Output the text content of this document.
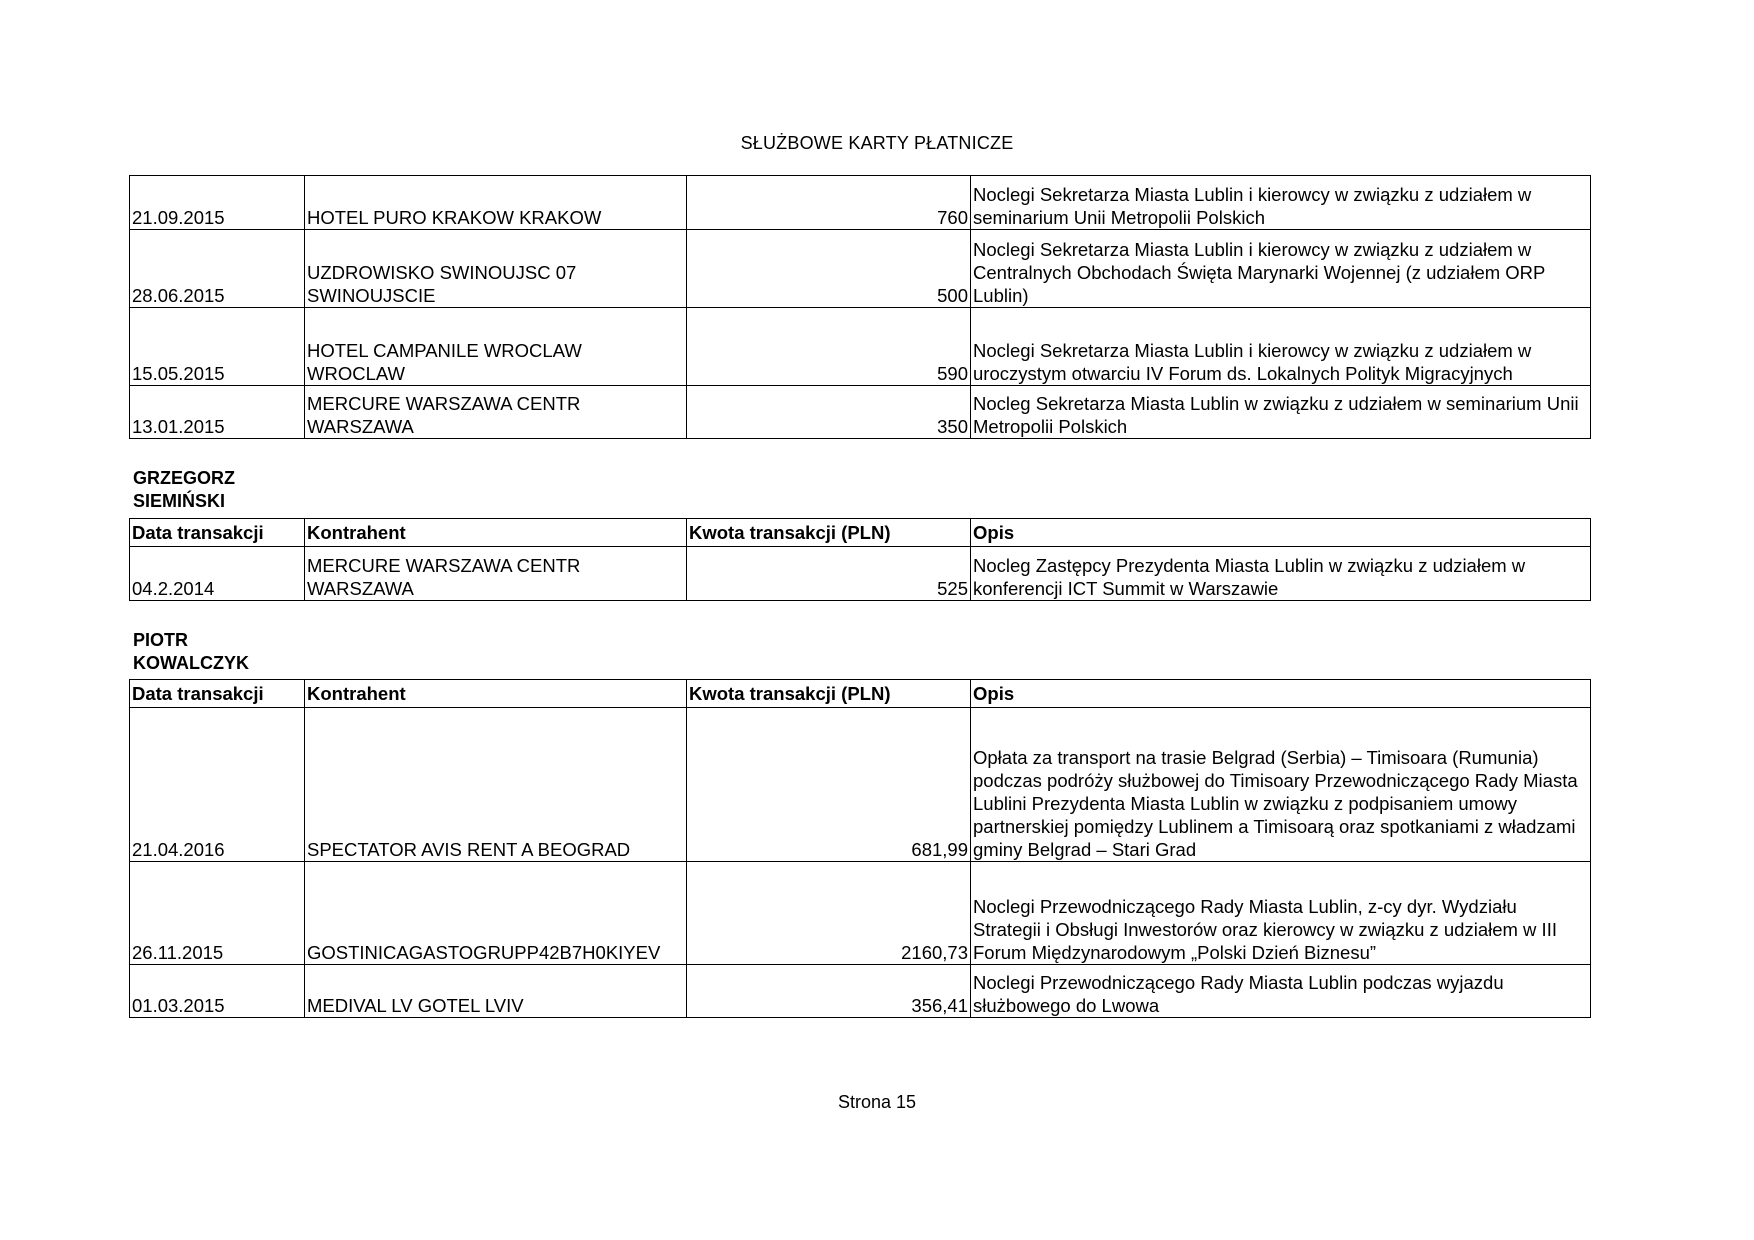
SŁUŻBOWE KARTY PŁATNICZE
21.09.2015	HOTEL PURO KRAKOW KRAKOW	760	Noclegi Sekretarza Miasta Lublin i kierowcy w związku z udziałem w seminarium Unii Metropolii Polskich
28.06.2015	UZDROWISKO SWINOUJSC 07 SWINOUJSCIE	500	Noclegi Sekretarza Miasta Lublin i kierowcy w związku z udziałem w Centralnych Obchodach Święta Marynarki Wojennej (z udziałem ORP Lublin)
15.05.2015	HOTEL CAMPANILE WROCLAW WROCLAW	590	Noclegi Sekretarza Miasta Lublin i kierowcy w związku z udziałem w uroczystym otwarciu IV Forum ds. Lokalnych Polityk Migracyjnych
13.01.2015	MERCURE WARSZAWA CENTR WARSZAWA	350	Nocleg Sekretarza Miasta Lublin w związku z udziałem w seminarium Unii Metropolii Polskich
GRZEGORZ
SIEMIŃSKI
Data transakcji	Kontrahent	Kwota transakcji (PLN)	Opis
04.2.2014	MERCURE WARSZAWA CENTR WARSZAWA	525	Nocleg Zastępcy Prezydenta Miasta Lublin w związku z udziałem w konferencji ICT Summit w Warszawie
PIOTR
KOWALCZYK
Data transakcji	Kontrahent	Kwota transakcji (PLN)	Opis
21.04.2016	SPECTATOR AVIS RENT A BEOGRAD	681,99	Opłata za transport na trasie Belgrad (Serbia) – Timisoara (Rumunia) podczas podróży służbowej do Timisoary Przewodniczącego Rady Miasta Lublini Prezydenta Miasta Lublin w związku z podpisaniem umowy partnerskiej pomiędzy Lublinem a Timisoarą oraz spotkaniami z władzami gminy Belgrad – Stari Grad
26.11.2015	GOSTINICAGASTOGRUPP42B7H0KIYEV	2160,73	Noclegi Przewodniczącego Rady Miasta Lublin, z-cy dyr. Wydziału Strategii i Obsługi Inwestorów oraz kierowcy w związku z udziałem w III Forum Międzynarodowym „Polski Dzień Biznesu”
01.03.2015	MEDIVAL LV GOTEL LVIV	356,41	Noclegi Przewodniczącego Rady Miasta Lublin podczas wyjazdu służbowego do Lwowa
Strona 15
